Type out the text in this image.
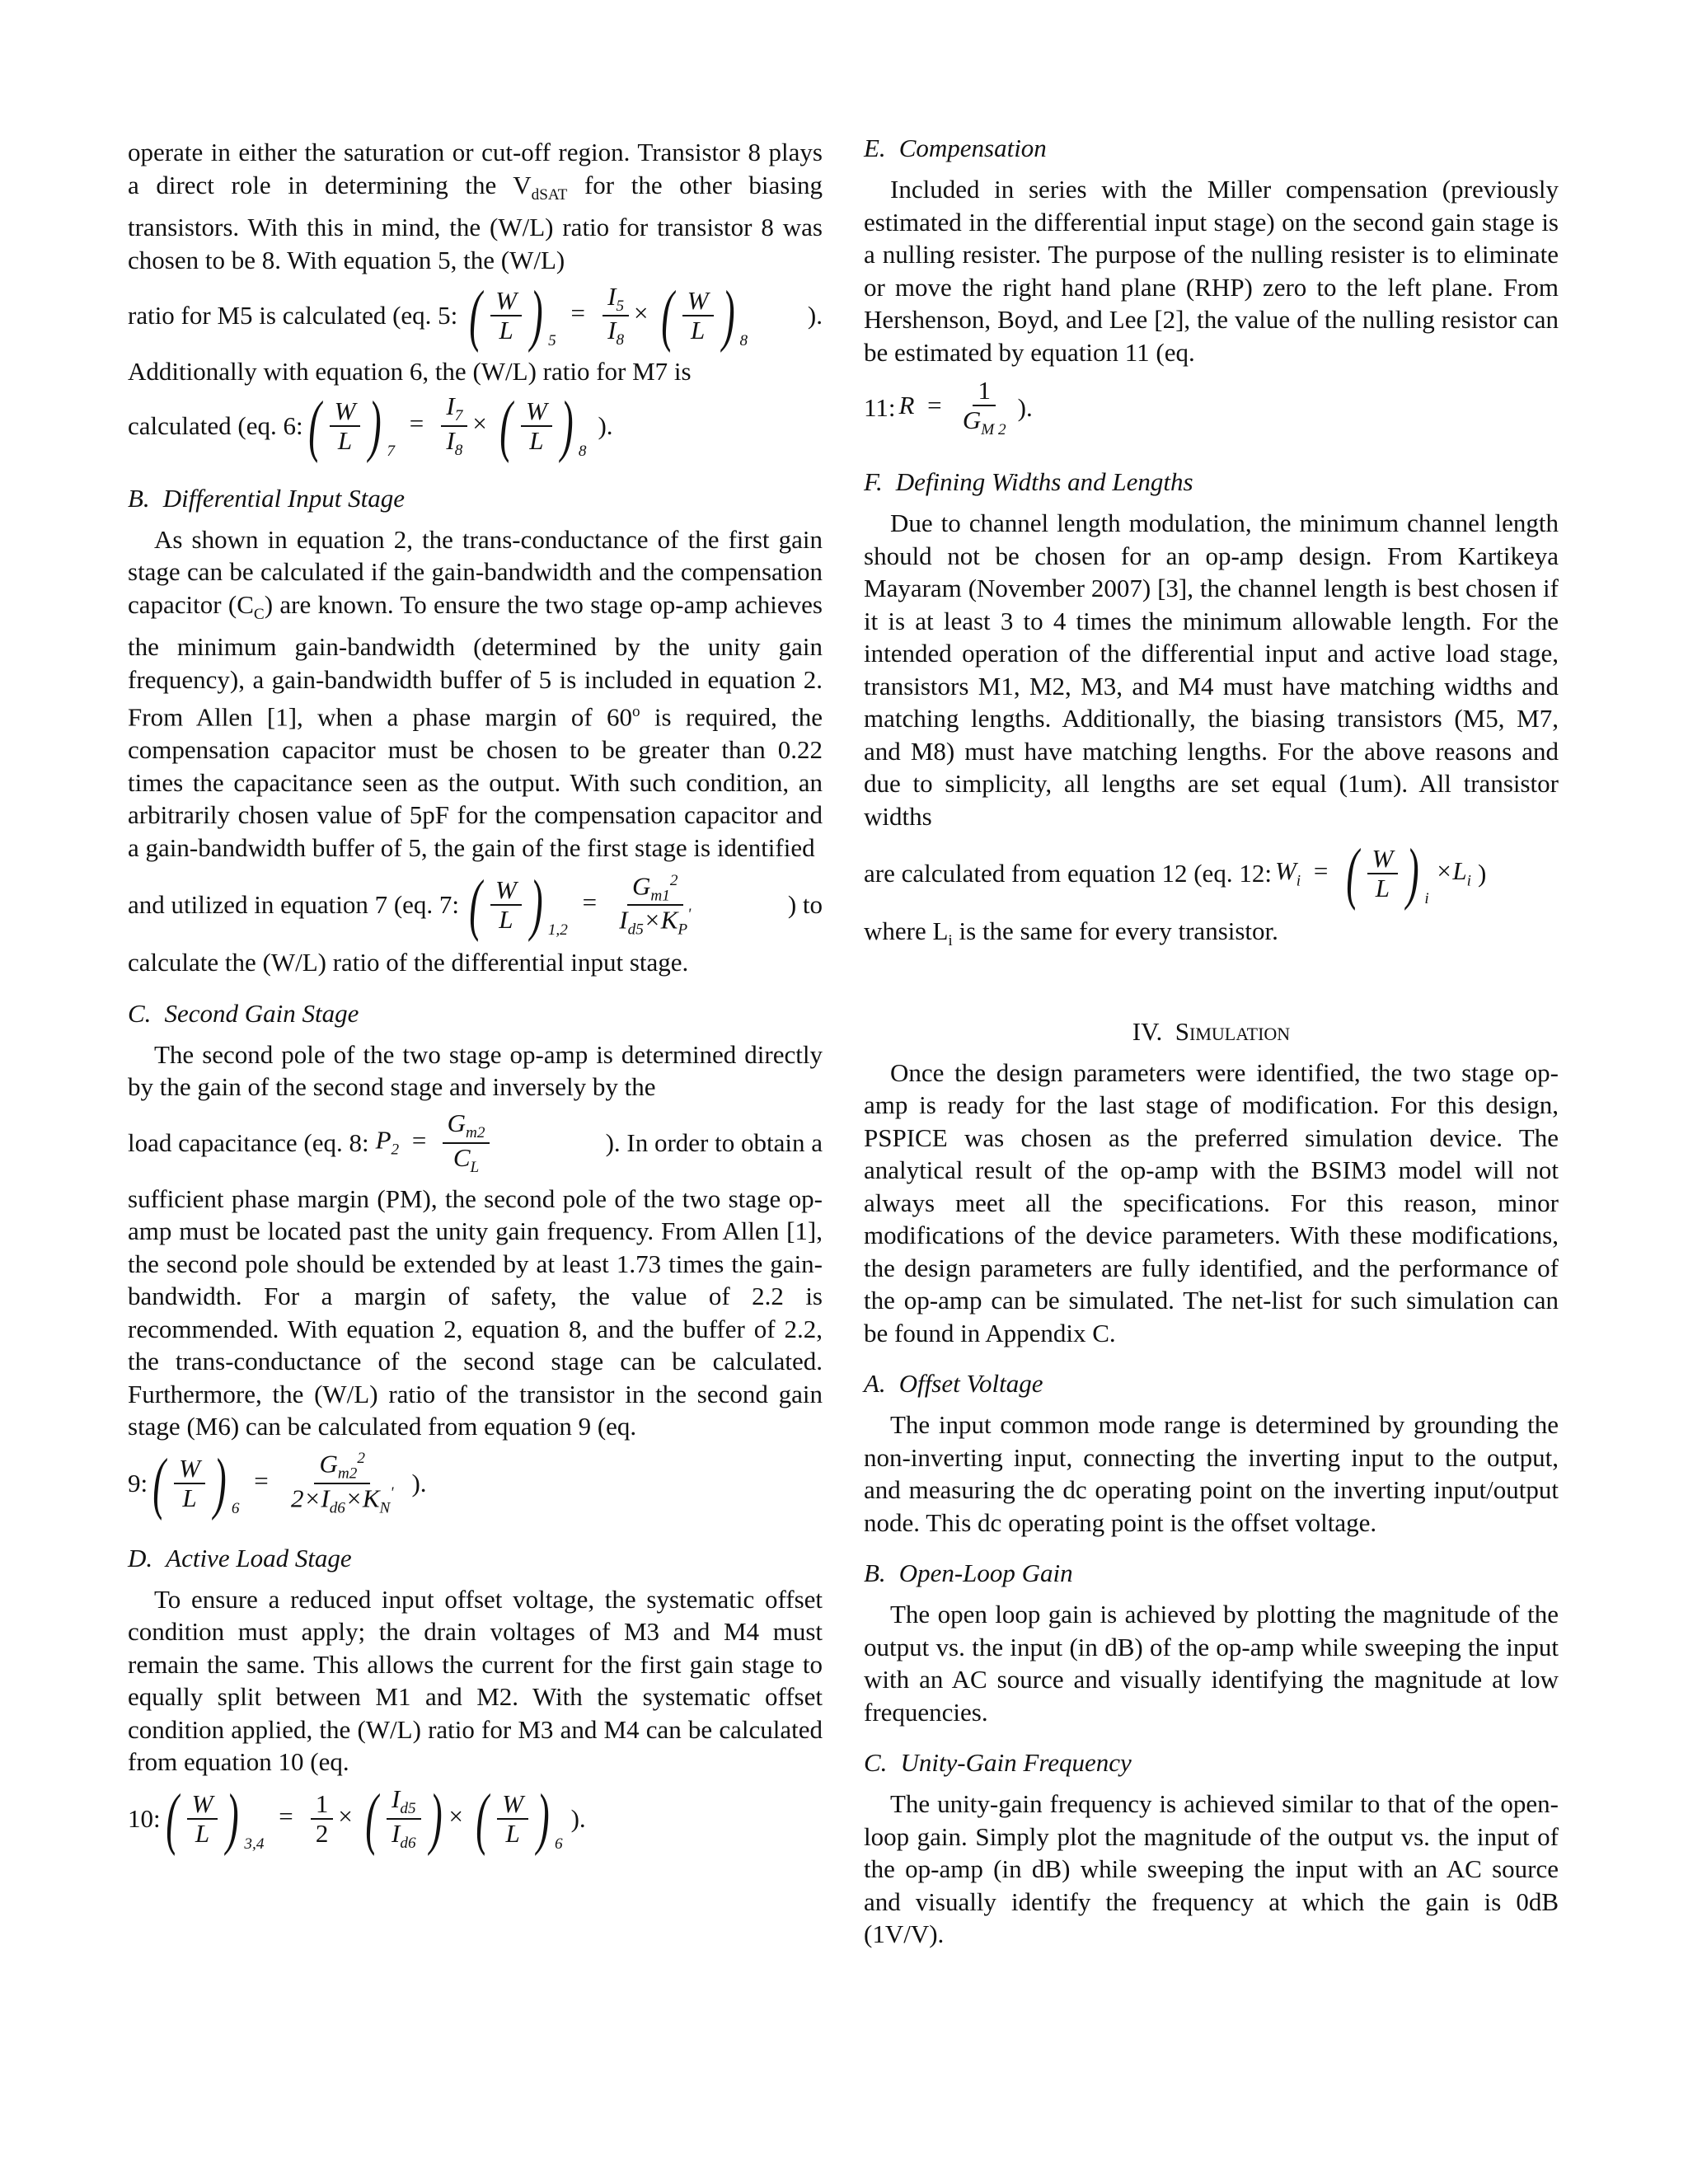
operate in either the saturation or cut-off region. Transistor 8 plays a direct role in determining the $V_{dSAT}$ for the other biasing transistors. With this in mind, the (W/L) ratio for transistor 8 was chosen to be 8. With equation 5, the (W/L)

ratio for M5 is calculated (eq. 5: ( $\frac{W}{L}$ ) $_5$
= $\frac{I_5}{I_8}$ × ( $\frac{W}{L}$ ) $_8$
).

Additionally with equation 6, the (W/L) ratio for M7 is

calculated (eq. 6: ( $\frac{W}{L}$ ) $_7$
= $\frac{I_7}{I_8}$ × ( $\frac{W}{L}$ ) $_8$
).
B. Differential Input Stage

As shown in equation 2, the trans-conductance of the first gain stage can be calculated if the gain-bandwidth and the compensation capacitor $(C_C)$ are known. To ensure the two stage op-amp achieves the minimum gain-bandwidth (determined by the unity gain frequency), a gain-bandwidth buffer of 5 is included in equation 2. From Allen [1], when a phase margin of 60$^o$ is required, the compensation capacitor must be chosen to be greater than 0.22 times the capacitance seen as the output. With such condition, an arbitrarily chosen value of 5pF for the compensation capacitor and a gain-bandwidth buffer of 5, the gain of the first stage is identified

and utilized in equation 7 (eq. 7: ( $\frac{W}{L}$ ) $_{1,2}$
= $\frac{G_{m1}^2}{I_{d5}\times K_P'}$	) to

calculate the (W/L) ratio of the differential input stage.

C. Second Gain Stage

The second pole of the two stage op-amp is determined directly by the gain of the second stage and inversely by the

load capacitance (eq. 8: $P_2 = \frac{G_{m2}}{C_L}$	). In order to obtain a

sufficient phase margin (PM), the second pole of the two stage op-amp must be located past the unity gain frequency. From Allen [1], the second pole should be extended by at least 1.73 times the gain-bandwidth. For a margin of safety, the value of 2.2 is recommended. With equation 2, equation 8, and the buffer of 2.2, the trans-conductance of the second stage can be calculated. Furthermore, the (W/L) ratio of the transistor in the second gain stage (M6) can be calculated from equation 9 (eq.

9: ( $\frac{W}{L}$ ) $_6$
= $\frac{G_{m2}^2}{2\times I_{d6}\times K_N'}$ ).
D. Active Load Stage

To ensure a reduced input offset voltage, the systematic offset condition must apply; the drain voltages of M3 and M4 must remain the same. This allows the current for the first gain stage to equally split between M1 and M2. With the systematic offset condition applied, the (W/L) ratio for M3 and M4 can be calculated from equation 10 (eq.

10: ( $\frac{W}{L}$ ) $_{3,4}$
= $\frac{1}{2}$ × ( $\frac{I_{d5}}{I_{d6}}$ ) × ( $\frac{W}{L}$ ) $_6$
).
E. Compensation

Included in series with the Miller compensation (previously estimated in the differential input stage) on the second gain stage is a nulling resister. The purpose of the nulling resister is to eliminate or move the right hand plane (RHP) zero to the left plane. From Hershenson, Boyd, and Lee [2], the value of the nulling resistor can be estimated by equation 11 (eq.

11: $R = \frac{1}{G_{M 2}}$ ).
F. Defining Widths and Lengths

Due to channel length modulation, the minimum channel length should not be chosen for an op-amp design. From Kartikeya Mayaram (November 2007) [3], the channel length is best chosen if it is at least 3 to 4 times the minimum allowable length. For the intended operation of the differential input and active load stage, transistors M1, M2, M3, and M4 must have matching widths and matching lengths. Additionally, the biasing transistors (M5, M7, and M8) must have matching lengths. For the above reasons and due to simplicity, all lengths are set equal (1um). All transistor widths

are calculated from equation 12 (eq. 12: $W_i$ = ( $\frac{W}{L}$ ) $_i$
$\times L_i$ )

where $L_i$ is the same for every transistor.

IV. Simulation

Once the design parameters were identified, the two stage op-amp is ready for the last stage of modification. For this design, PSPICE was chosen as the preferred simulation device. The analytical result of the op-amp with the BSIM3 model will not always meet all the specifications. For this reason, minor modifications of the device parameters. With these modifications, the design parameters are fully identified, and the performance of the op-amp can be simulated. The net-list for such simulation can be found in Appendix C.

A. Offset Voltage

The input common mode range is determined by grounding the non-inverting input, connecting the inverting input to the output, and measuring the dc operating point on the inverting input/output node. This dc operating point is the offset voltage.

B. Open-Loop Gain

The open loop gain is achieved by plotting the magnitude of the output vs. the input (in dB) of the op-amp while sweeping the input with an AC source and visually identifying the magnitude at low frequencies.

C. Unity-Gain Frequency

The unity-gain frequency is achieved similar to that of the open-loop gain. Simply plot the magnitude of the output vs. the input of the op-amp (in dB) while sweeping the input with an AC source and visually identify the frequency at which the gain is 0dB (1V/V).
